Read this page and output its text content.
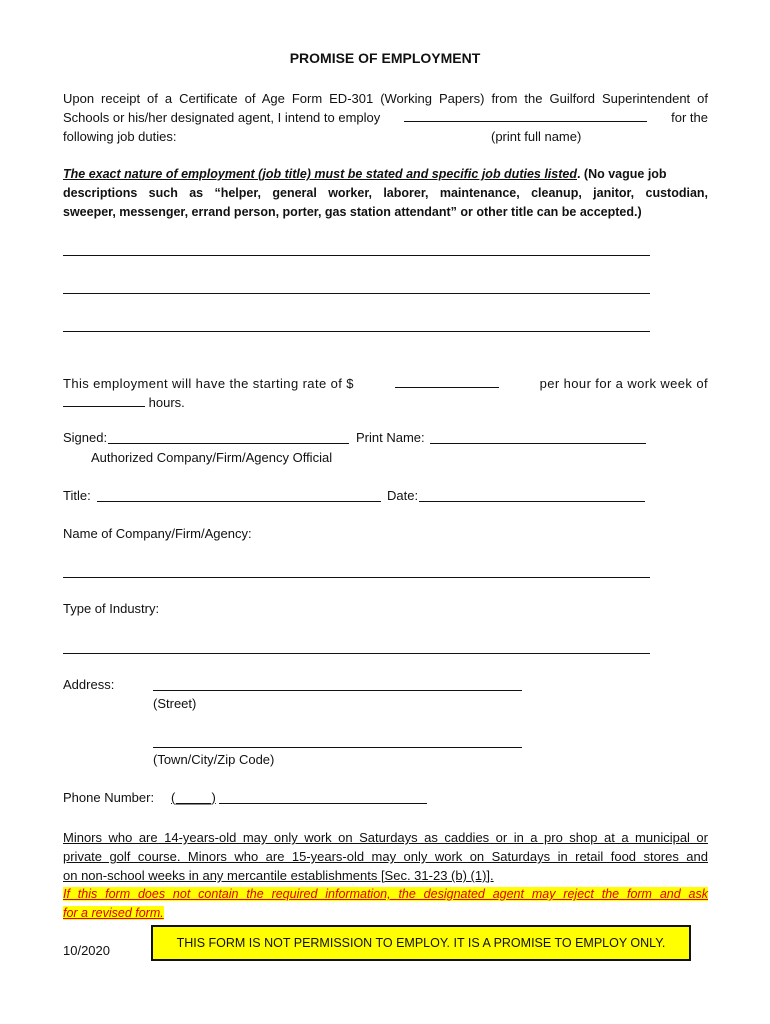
PROMISE OF EMPLOYMENT
Upon receipt of a Certificate of Age Form ED-301 (Working Papers) from the Guilford Superintendent of
Schools or his/her designated agent, I intend to employ	for the
following job duties:	(print full name)
The exact nature of employment (job title) must be stated and specific job duties listed. (No vague job
descriptions such as “helper, general worker, laborer, maintenance, cleanup, janitor, custodian,
sweeper, messenger, errand person, porter, gas station attendant” or other title can be accepted.)
This employment will have the starting rate of $	per hour for a work week of
hours.
Signed:	Print Name:
Authorized Company/Firm/Agency Official
Title:	Date:
Name of Company/Firm/Agency:
Type of Industry:
Address:
(Street)
(Town/City/Zip Code)
Phone Number: (_____)
Minors who are 14-years-old may only work on Saturdays as caddies or in a pro shop at a municipal or
private golf course. Minors who are 15-years-old may only work on Saturdays in retail food stores and
on non-school weeks in any mercantile establishments [Sec. 31-23 (b) (1)].
If this form does not contain the required information, the designated agent may reject the form and ask
for a revised form.
10/2020	THIS FORM IS NOT PERMISSION TO EMPLOY. IT IS A PROMISE TO EMPLOY ONLY.
